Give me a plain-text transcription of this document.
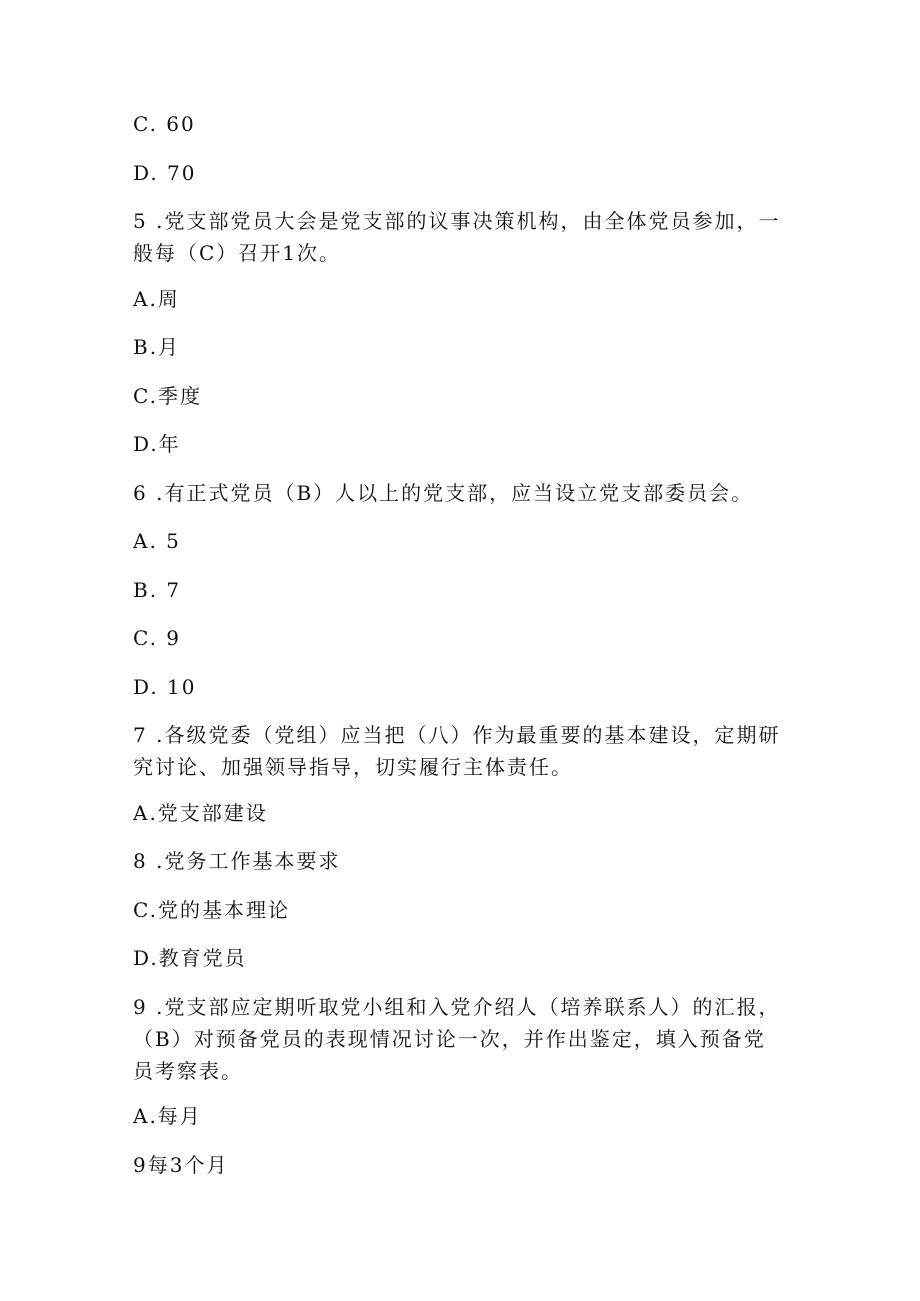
C. 60
D. 70
5 .党支部党员大会是党支部的议事决策机构，由全体党员参加，一般每（C）召开1次。
A.周
B.月
C.季度
D.年
6 .有正式党员（B）人以上的党支部，应当设立党支部委员会。
A. 5
B. 7
C. 9
D. 10
7 .各级党委（党组）应当把（八）作为最重要的基本建设，定期研究讨论、加强领导指导，切实履行主体责任。
A.党支部建设
8 .党务工作基本要求
C.党的基本理论
D.教育党员
9 .党支部应定期听取党小组和入党介绍人（培养联系人）的汇报，（B）对预备党员的表现情况讨论一次，并作出鉴定，填入预备党员考察表。
A.每月
9每3个月
